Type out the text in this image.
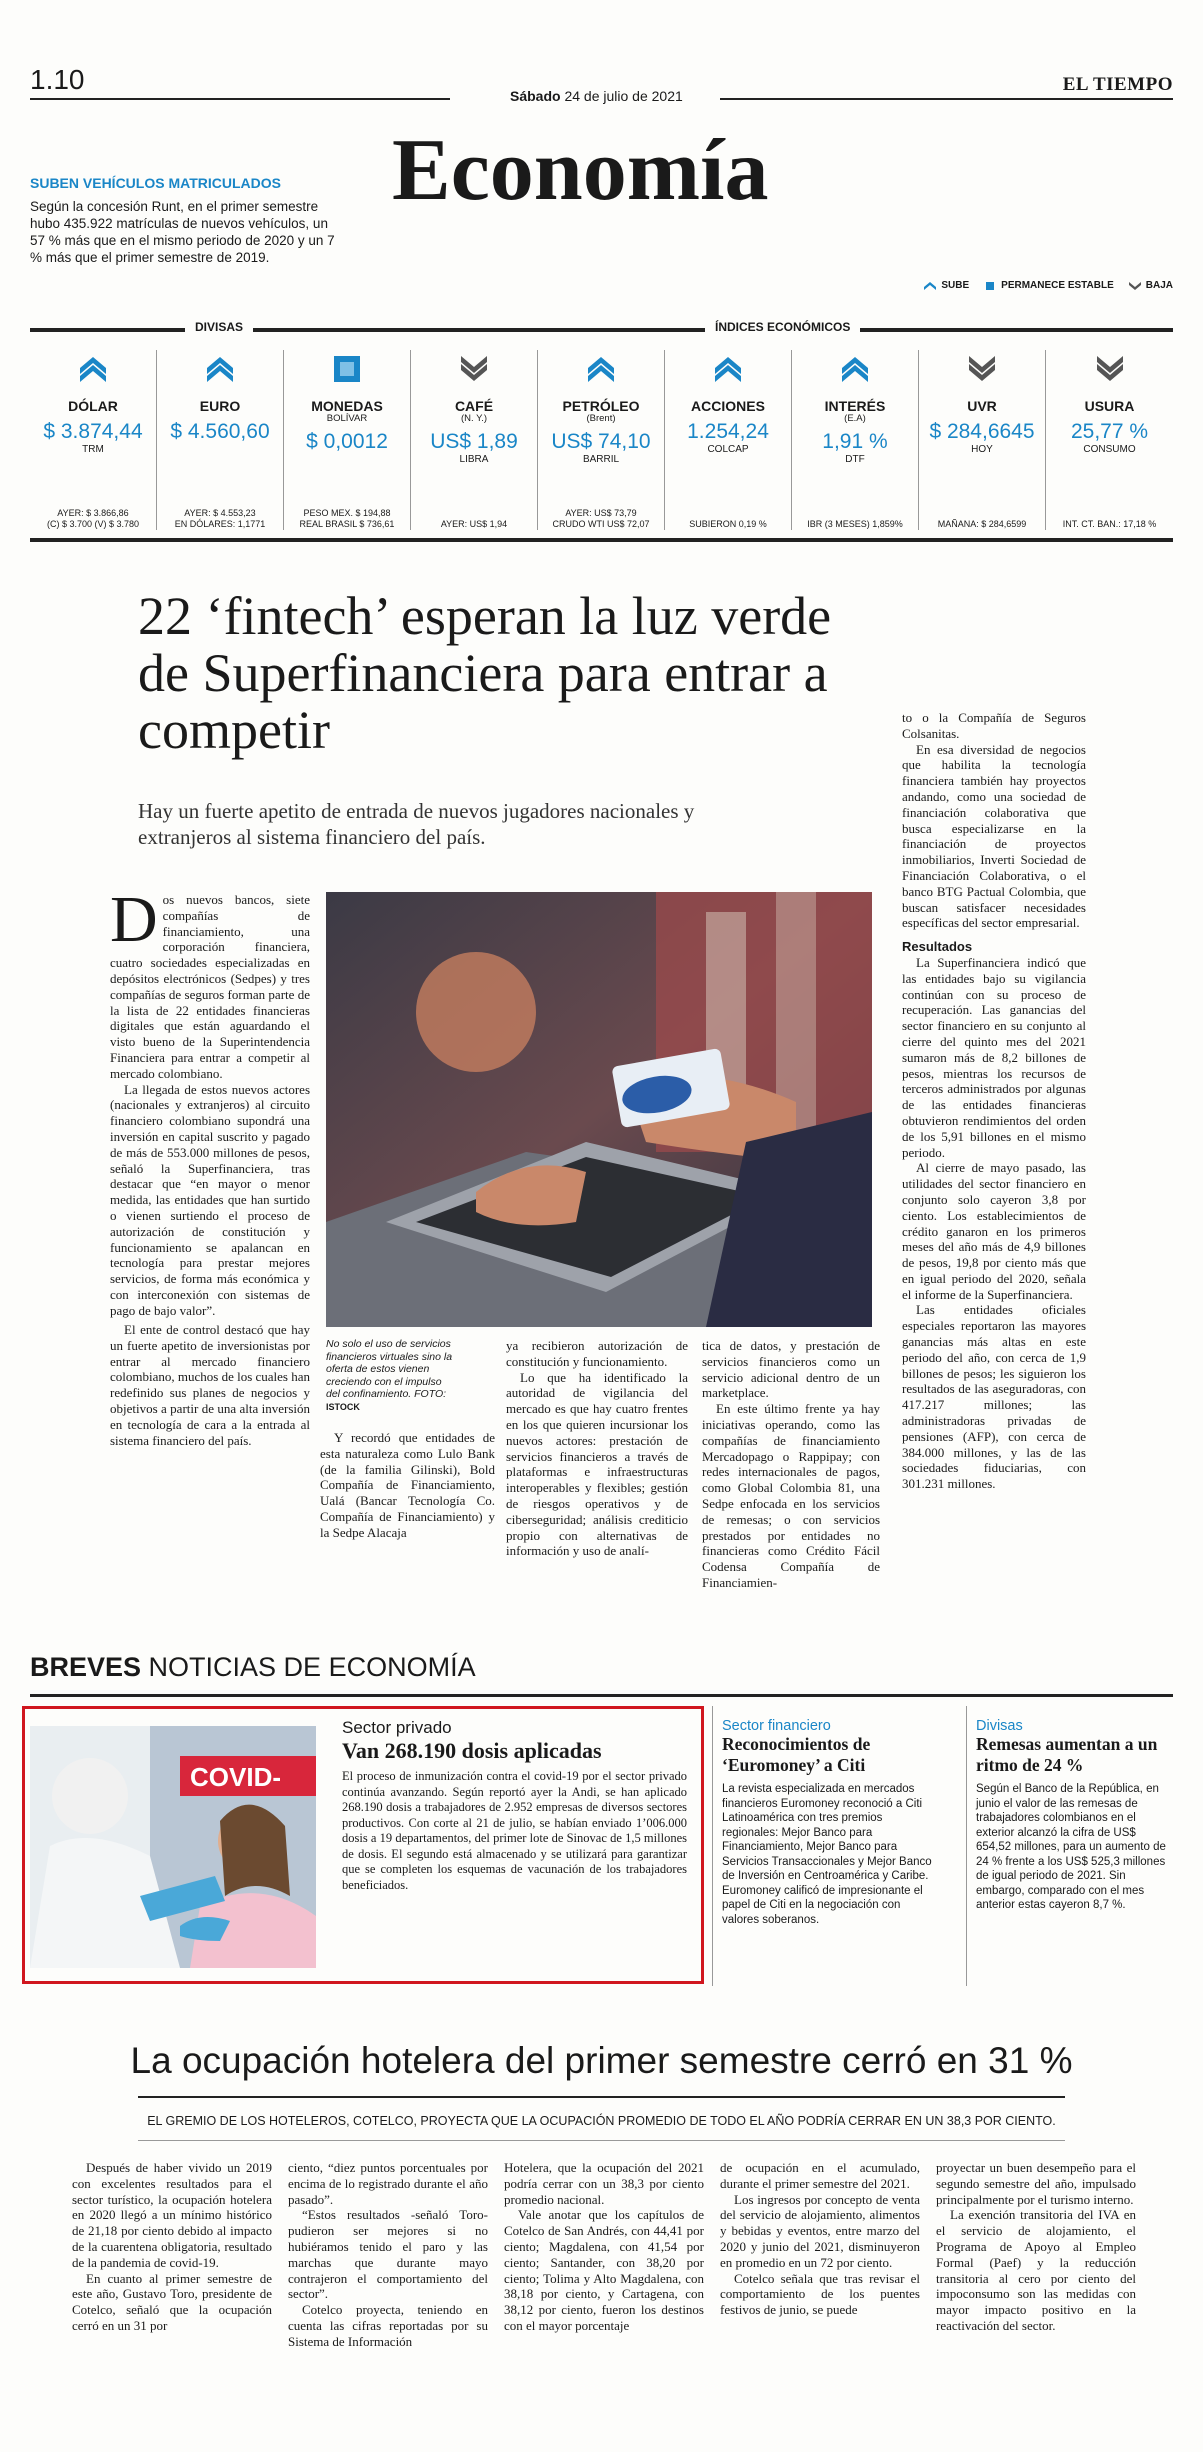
1.10
Sábado 24 de julio de 2021
EL TIEMPO
Economía
SUBEN VEHÍCULOS MATRICULADOS
Según la concesión Runt, en el primer semestre hubo 435.922 matrículas de nuevos vehículos, un 57 % más que en el mismo periodo de 2020 y un 7 % más que el primer semestre de 2019.
SUBE	PERMANECE ESTABLE	BAJA
DIVISAS	ÍNDICES ECONÓMICOS
DÓLAR
$ 3.874,44
TRM
AYER: $ 3.866,86
(C) $ 3.700 (V) $ 3.780
EURO
$ 4.560,60
AYER: $ 4.553,23
EN DÓLARES: 1,1771
MONEDAS
BOLÍVAR
$ 0,0012
PESO MEX. $ 194,88
REAL BRASIL $ 736,61
CAFÉ
(N. Y.)
US$ 1,89
LIBRA
AYER: US$ 1,94
PETRÓLEO
(Brent)
US$ 74,10
BARRIL
AYER: US$ 73,79
CRUDO WTI US$ 72,07
ACCIONES
1.254,24
COLCAP
SUBIERON 0,19 %
INTERÉS
(E.A)
1,91 %
DTF
IBR (3 MESES) 1,859%
UVR
$ 284,6645
HOY
MAÑANA: $ 284,6599
USURA
25,77 %
CONSUMO
INT. CT. BAN.: 17,18 %
22 ‘fintech’ esperan la luz verde de Superfinanciera para entrar a competir
Hay un fuerte apetito de entrada de nuevos jugadores nacionales y extranjeros al sistema financiero del país.
No solo el uso de servicios financieros virtuales sino la oferta de estos vienen creciendo con el impulso del confinamiento. FOTO: ISTOCK
Dos nuevos bancos, siete compañías de financiamiento, una corporación financiera, cuatro sociedades especializadas en depósitos electrónicos (Sedpes) y tres compañías de seguros forman parte de la lista de 22 entidades financieras digitales que están aguardando el visto bueno de la Superintendencia Financiera para entrar a competir al mercado colombiano.

La llegada de estos nuevos actores (nacionales y extranjeros) al circuito financiero colombiano supondrá una inversión en capital suscrito y pagado de más de 553.000 millones de pesos, señaló la Superfinanciera, tras destacar que “en mayor o menor medida, las entidades que han surtido o vienen surtiendo el proceso de autorización de constitución y funcionamiento se apalancan en tecnología para prestar mejores servicios, de forma más económica y con interconexión con sistemas de pago de bajo valor”.

El ente de control destacó que hay un fuerte apetito de inversionistas por entrar al mercado financiero colombiano, muchos de los cuales han redefinido sus planes de negocios y objetivos a partir de una alta inversión en tecnología de cara a la entrada al sistema financiero del país.	Y recordó que entidades de esta naturaleza como Lulo Bank (de la familia Gilinski), Bold Compañía de Financiamiento, Ualá (Bancar Tecnología Co. Compañía de Financiamiento) y la Sedpe Alacaja

ya recibieron autorización de constitución y funcionamiento.

Lo que ha identificado la autoridad de vigilancia del mercado es que hay cuatro frentes en los que quieren incursionar los nuevos actores: prestación de servicios financieros a través de plataformas e infraestructuras interoperables y flexibles; gestión de riesgos operativos y de ciberseguridad; análisis crediticio propio con alternativas de información y uso de analí-

tica de datos, y prestación de servicios financieros como un servicio adicional dentro de un marketplace.

En este último frente ya hay iniciativas operando, como las compañías de financiamiento Mercadopago o Rappipay; con redes internacionales de pagos, como Global Colombia 81, una Sedpe enfocada en los servicios de remesas; o con servicios prestados por entidades no financieras como Crédito Fácil Codensa Compañía de Financiamien-

to o la Compañía de Seguros Colsanitas.

En esa diversidad de negocios que habilita la tecnología financiera también hay proyectos andando, como una sociedad de financiación colaborativa que busca especializarse en la financiación de proyectos inmobiliarios, Inverti Sociedad de Financiación Colaborativa, o el banco BTG Pactual Colombia, que buscan satisfacer necesidades específicas del sector empresarial.

Resultados

La Superfinanciera indicó que las entidades bajo su vigilancia continúan con su proceso de recuperación. Las ganancias del sector financiero en su conjunto al cierre del quinto mes del 2021 sumaron más de 8,2 billones de pesos, mientras los recursos de terceros administrados por algunas de las entidades financieras obtuvieron rendimientos del orden de los 5,91 billones en el mismo periodo.

Al cierre de mayo pasado, las utilidades del sector financiero en conjunto solo cayeron 3,8 por ciento. Los establecimientos de crédito ganaron en los primeros meses del año más de 4,9 billones de pesos, 19,8 por ciento más que en igual periodo del 2020, señala el informe de la Superfinanciera.

Las entidades oficiales especiales reportaron las mayores ganancias más altas en este periodo del año, con cerca de 1,9 billones de pesos; les siguieron los resultados de las aseguradoras, con 417.217 millones; las administradoras privadas de pensiones (AFP), con cerca de 384.000 millones, y las de las sociedades fiduciarias, con 301.231 millones.

BREVES NOTICIAS DE ECONOMÍA
COVID-
Sector privado
Van 268.190 dosis aplicadas
El proceso de inmunización contra el covid-19 por el sector privado continúa avanzando. Según reportó ayer la Andi, se han aplicado 268.190 dosis a trabajadores de 2.952 empresas de diversos sectores productivos. Con corte al 21 de julio, se habían enviado 1’006.000 dosis a 19 departamentos, del primer lote de Sinovac de 1,5 millones de dosis. El segundo está almacenado y se utilizará para garantizar que se completen los esquemas de vacunación de los trabajadores beneficiados.
Sector financiero
Reconocimientos de ‘Euromoney’ a Citi
La revista especializada en mercados financieros Euromoney reconoció a Citi Latinoamérica con tres premios regionales: Mejor Banco para Financiamiento, Mejor Banco para Servicios Transaccionales y Mejor Banco de Inversión en Centroamérica y Caribe. Euromoney calificó de impresionante el papel de Citi en la negociación con valores soberanos.
Divisas
Remesas aumentan a un ritmo de 24 %
Según el Banco de la República, en junio el valor de las remesas de trabajadores colombianos en el exterior alcanzó la cifra de US$ 654,52 millones, para un aumento de 24 % frente a los US$ 525,3 millones de igual periodo de 2021. Sin embargo, comparado con el mes anterior estas cayeron 8,7 %.
La ocupación hotelera del primer semestre cerró en 31 %
EL GREMIO DE LOS HOTELEROS, COTELCO, PROYECTA QUE LA OCUPACIÓN PROMEDIO DE TODO EL AÑO PODRÍA CERRAR EN UN 38,3 POR CIENTO.

Después de haber vivido un 2019 con excelentes resultados para el sector turístico, la ocupación hotelera en 2020 llegó a un mínimo histórico de 21,18 por ciento debido al impacto de la cuarentena obligatoria, resultado de la pandemia de covid-19.

En cuanto al primer semestre de este año, Gustavo Toro, presidente de Cotelco, señaló que la ocupación cerró en un 31 por

ciento, “diez puntos porcentuales por encima de lo registrado durante el año pasado”.

“Estos resultados -señaló Toro- pudieron ser mejores si no hubiéramos tenido el paro y las marchas que durante mayo contrajeron el comportamiento del sector”.

Cotelco proyecta, teniendo en cuenta las cifras reportadas por su Sistema de Información

Hotelera, que la ocupación del 2021 podría cerrar con un 38,3 por ciento promedio nacional.

Vale anotar que los capítulos de Cotelco de San Andrés, con 44,41 por ciento; Magdalena, con 41,54 por ciento; Santander, con 38,20 por ciento; Tolima y Alto Magdalena, con 38,18 por ciento, y Cartagena, con 38,12 por ciento, fueron los destinos con el mayor porcentaje

de ocupación en el acumulado, durante el primer semestre del 2021.

Los ingresos por concepto de venta del servicio de alojamiento, alimentos y bebidas y eventos, entre marzo del 2020 y junio del 2021, disminuyeron en promedio en un 72 por ciento.

Cotelco señala que tras revisar el comportamiento de los puentes festivos de junio, se puede

proyectar un buen desempeño para el segundo semestre del año, impulsado principalmente por el turismo interno.

La exención transitoria del IVA en el servicio de alojamiento, el Programa de Apoyo al Empleo Formal (Paef) y la reducción transitoria al cero por ciento del impoconsumo son las medidas con mayor impacto positivo en la reactivación del sector.
